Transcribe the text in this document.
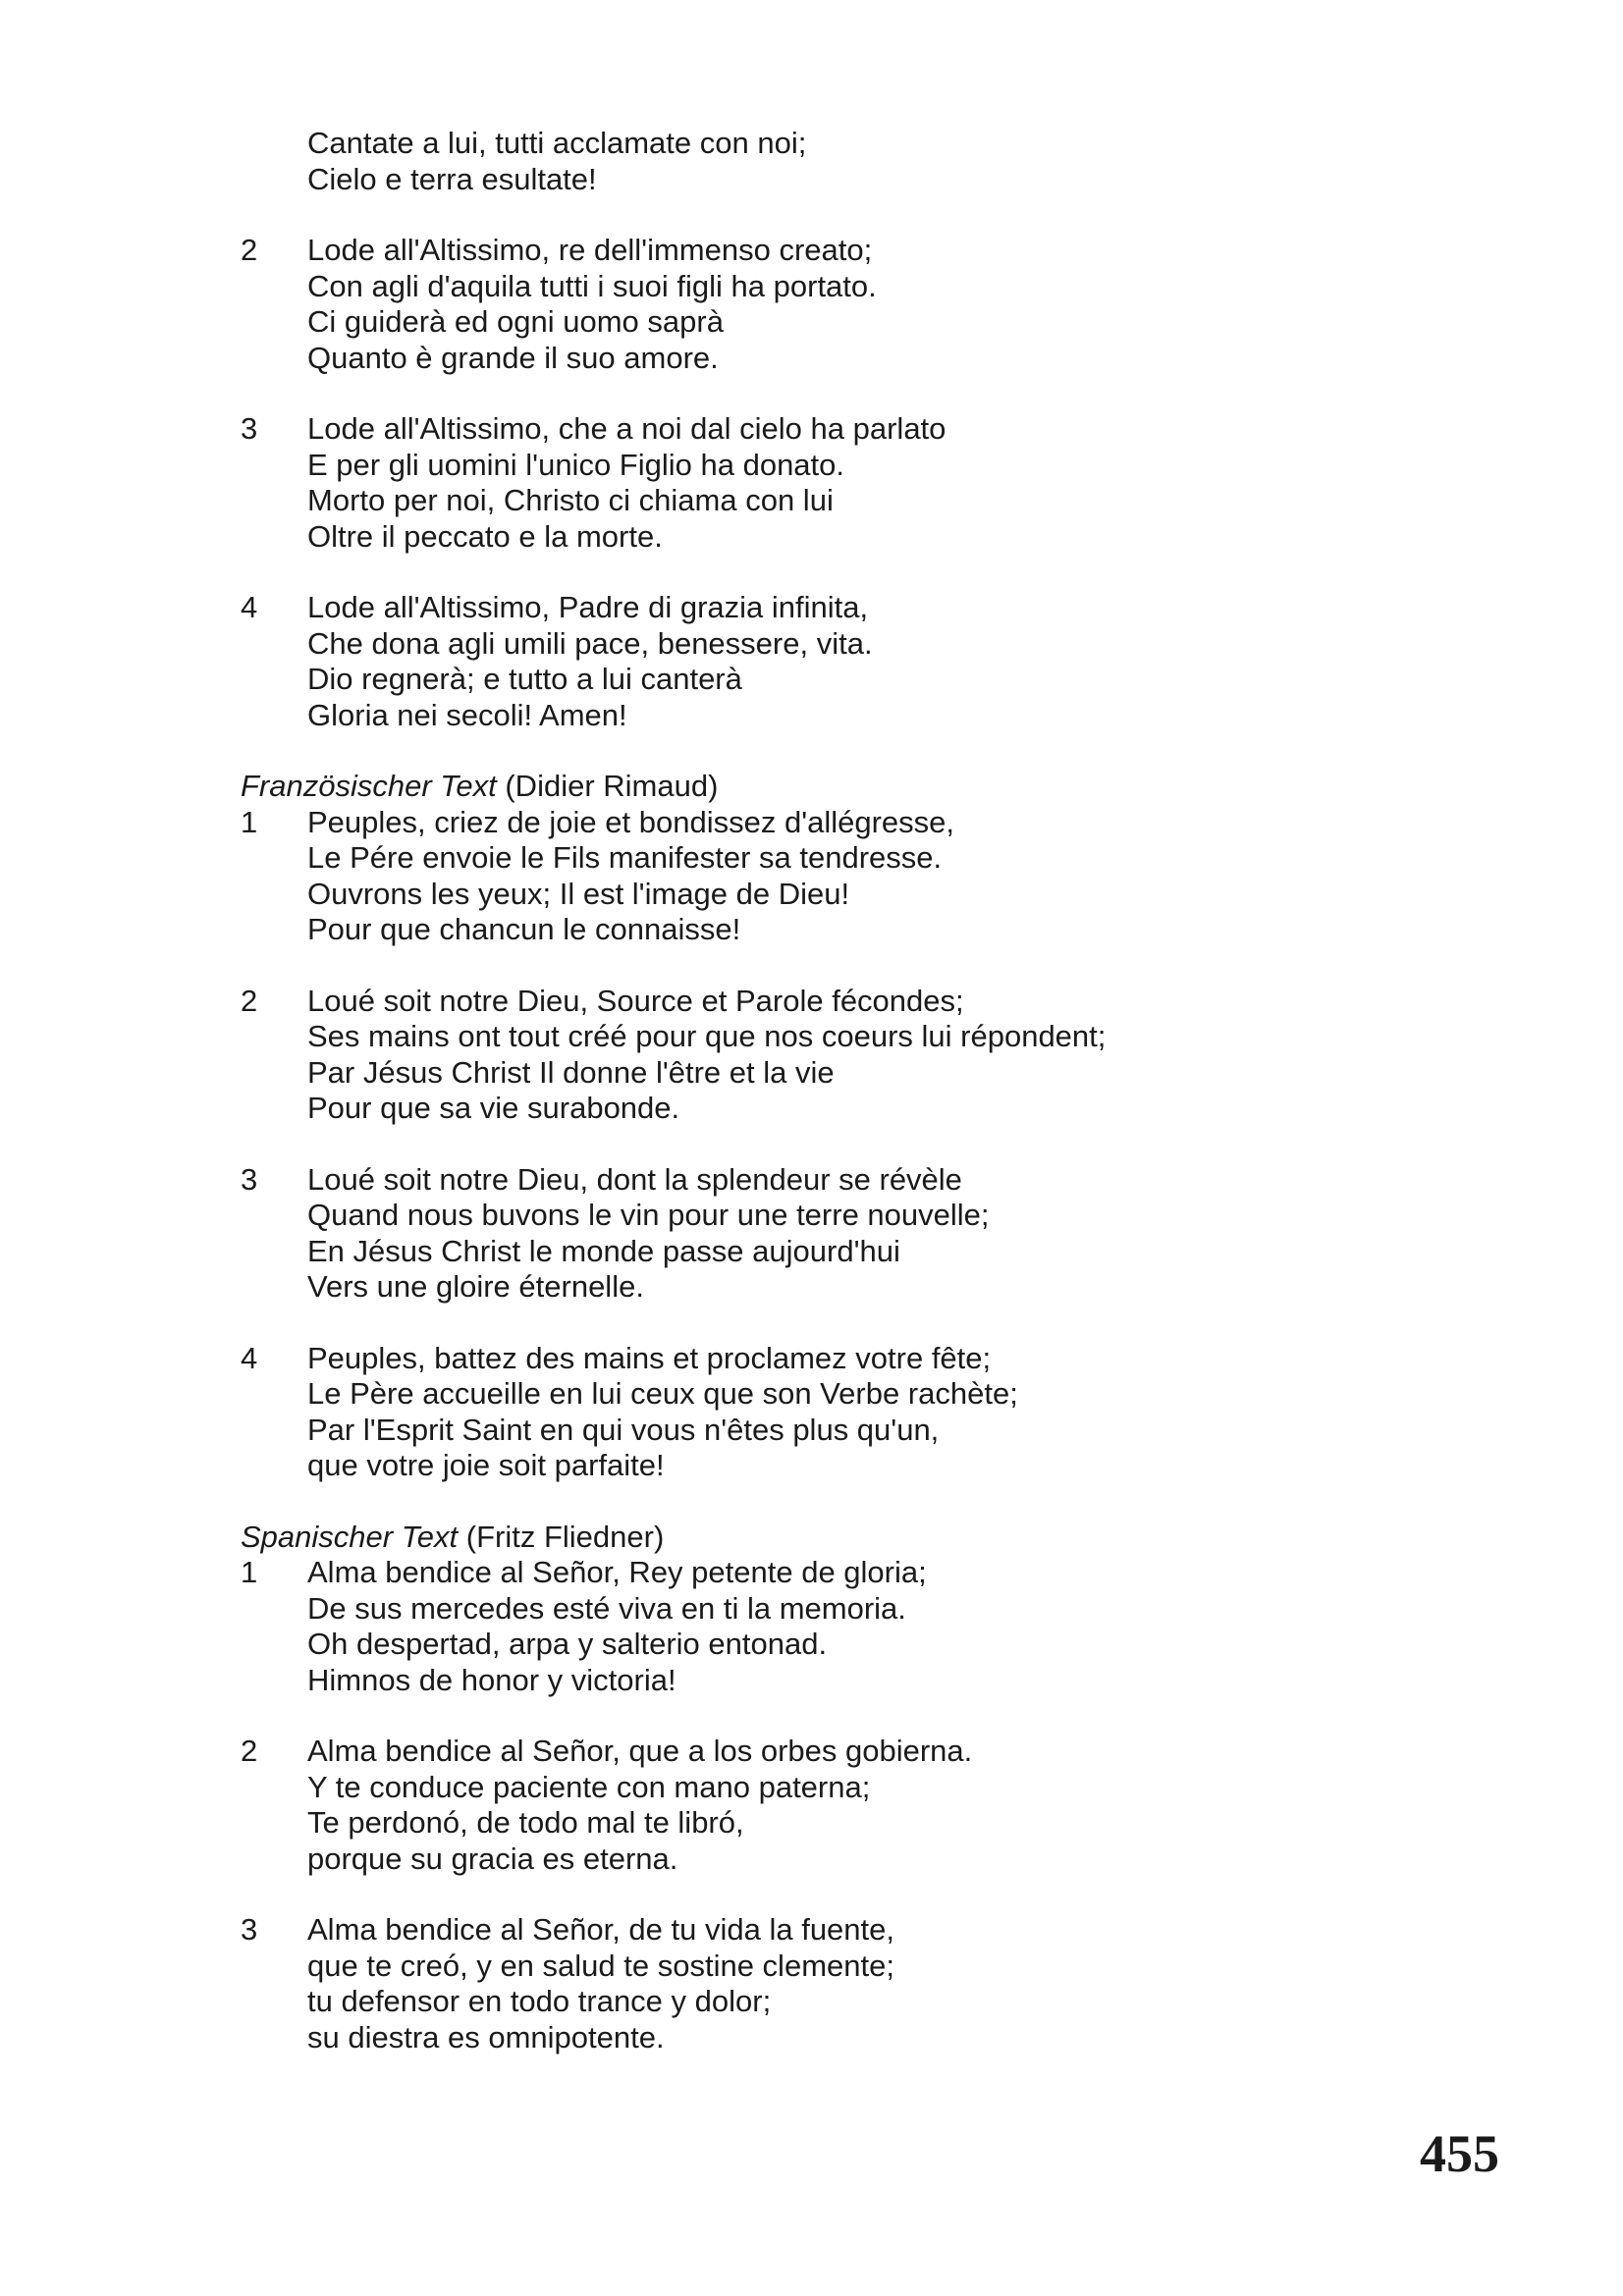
Cantate a lui, tutti acclamate con noi;
Cielo e terra esultate!
2	Lode all'Altissimo, re dell'immenso creato;
Con agli d'aquila tutti i suoi figli ha portato.
Ci guiderà ed ogni uomo saprà
Quanto è grande il suo amore.
3	Lode all'Altissimo, che a noi dal cielo ha parlato
E per gli uomini l'unico Figlio ha donato.
Morto per noi, Christo ci chiama con lui
Oltre il peccato e la morte.
4	Lode all'Altissimo, Padre di grazia infinita,
Che dona agli umili pace, benessere, vita.
Dio regnerà; e tutto a lui canterà
Gloria nei secoli! Amen!
Französischer Text (Didier Rimaud)
1	Peuples, criez de joie et bondissez d'allégresse,
Le Pére envoie le Fils manifester sa tendresse.
Ouvrons les yeux; Il est l'image de Dieu!
Pour que chancun le connaisse!
2	Loué soit notre Dieu, Source et Parole fécondes;
Ses mains ont tout créé pour que nos coeurs lui répondent;
Par Jésus Christ Il donne l'être et la vie
Pour que sa vie surabonde.
3	Loué soit notre Dieu, dont la splendeur se révèle
Quand nous buvons le vin pour une terre nouvelle;
En Jésus Christ le monde passe aujourd'hui
Vers une gloire éternelle.
4	Peuples, battez des mains et proclamez votre fête;
Le Père accueille en lui ceux que son Verbe rachète;
Par l'Esprit Saint en qui vous n'êtes plus qu'un,
que votre joie soit parfaite!
Spanischer Text (Fritz Fliedner)
1	Alma bendice al Señor, Rey petente de gloria;
De sus mercedes esté viva en ti la memoria.
Oh despertad, arpa y salterio entonad.
Himnos de honor y victoria!
2	Alma bendice al Señor, que a los orbes gobierna.
Y te conduce paciente con mano paterna;
Te perdonó, de todo mal te libró,
porque su gracia es eterna.
3	Alma bendice al Señor, de tu vida la fuente,
que te creó, y en salud te sostine clemente;
tu defensor en todo trance y dolor;
su diestra es omnipotente.
455
